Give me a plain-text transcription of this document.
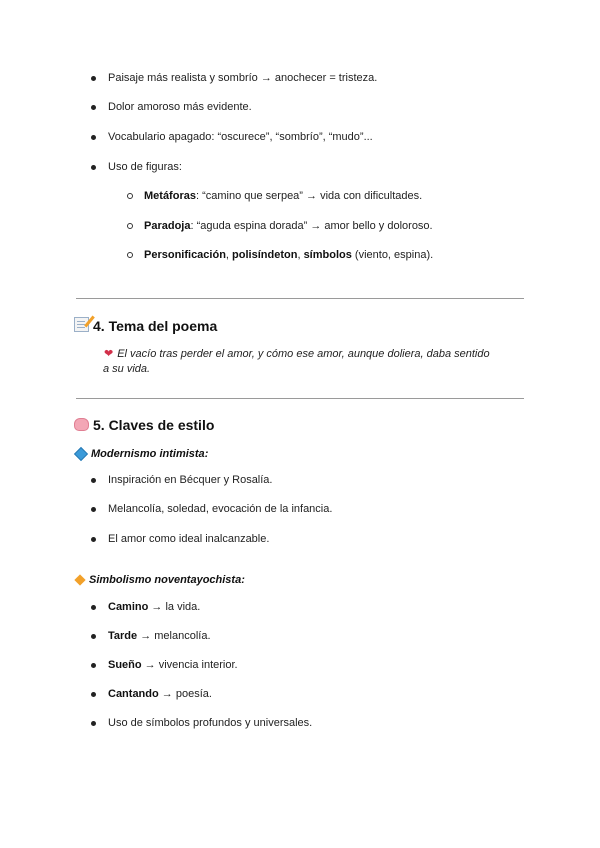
Paisaje más realista y sombrío → anochecer = tristeza.
Dolor amoroso más evidente.
Vocabulario apagado: “oscurece”, “sombrío”, “mudo”...
Uso de figuras:
Metáforas: “camino que serpea” → vida con dificultades.
Paradoja: “aguda espina dorada” → amor bello y doloroso.
Personificación, polisíndeton, símbolos (viento, espina).
4. Tema del poema
❤ El vacío tras perder el amor, y cómo ese amor, aunque doliera, daba sentido
a su vida.
5. Claves de estilo
Modernismo intimista:
Inspiración en Bécquer y Rosalía.
Melancolía, soledad, evocación de la infancia.
El amor como ideal inalcanzable.
Simbolismo noventayochista:
Camino → la vida.
Tarde → melancolía.
Sueño → vivencia interior.
Cantando → poesía.
Uso de símbolos profundos y universales.
